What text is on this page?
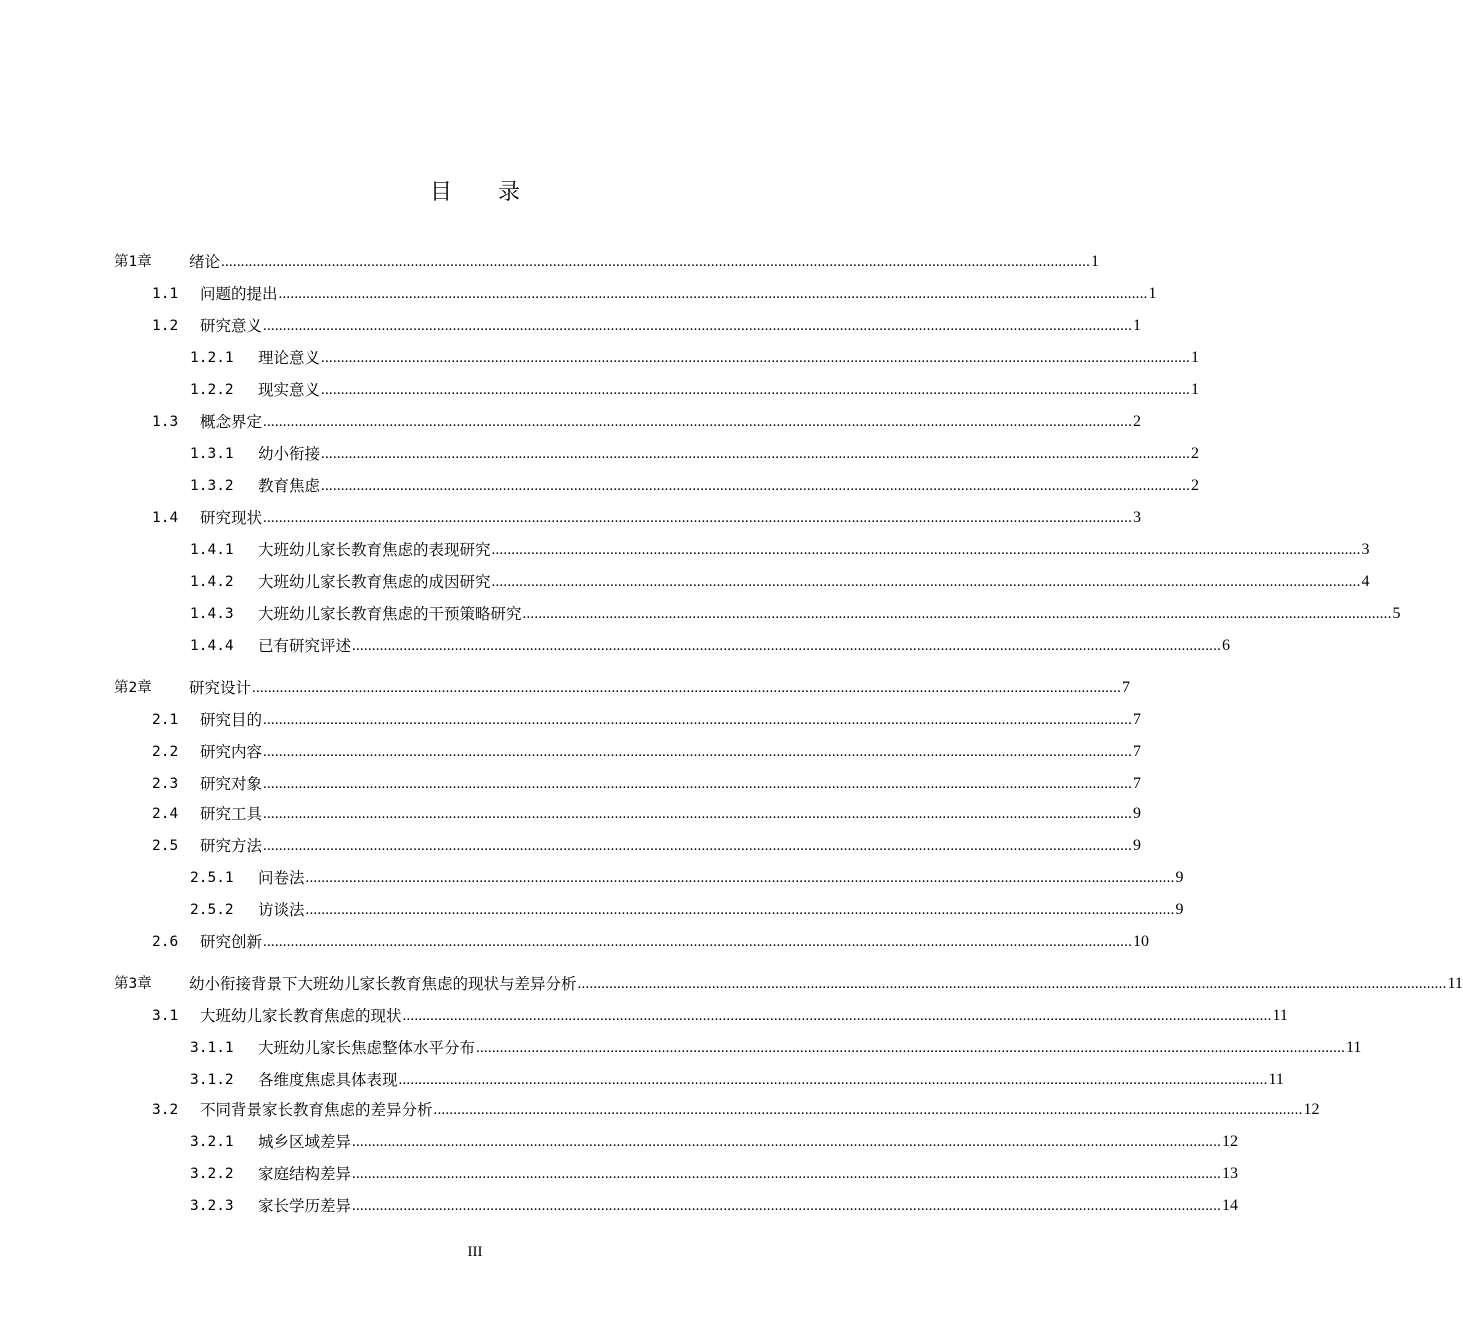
目 录
第1章	绪论 ............................................................................................................................................................................................................................ 1
1.1	问题的提出 ............................................................................................................................................................................................................................ 1
1.2	研究意义 ............................................................................................................................................................................................................................ 1
1.2.1	理论意义 ............................................................................................................................................................................................................................ 1
1.2.2	现实意义 ............................................................................................................................................................................................................................ 1
1.3	概念界定 ............................................................................................................................................................................................................................ 2
1.3.1	幼小衔接 ............................................................................................................................................................................................................................ 2
1.3.2	教育焦虑 ............................................................................................................................................................................................................................ 2
1.4	研究现状 ............................................................................................................................................................................................................................ 3
1.4.1	大班幼儿家长教育焦虑的表现研究 ............................................................................................................................................................................................................................ 3
1.4.2	大班幼儿家长教育焦虑的成因研究 ............................................................................................................................................................................................................................ 4
1.4.3	大班幼儿家长教育焦虑的干预策略研究 ............................................................................................................................................................................................................................ 5
1.4.4	已有研究评述 ............................................................................................................................................................................................................................ 6
第2章	研究设计 ............................................................................................................................................................................................................................ 7
2.1	研究目的 ............................................................................................................................................................................................................................ 7
2.2	研究内容 ............................................................................................................................................................................................................................ 7
2.3	研究对象 ............................................................................................................................................................................................................................ 7
2.4	研究工具 ............................................................................................................................................................................................................................ 9
2.5	研究方法 ............................................................................................................................................................................................................................ 9
2.5.1	问卷法 ............................................................................................................................................................................................................................ 9
2.5.2	访谈法 ............................................................................................................................................................................................................................ 9
2.6	研究创新 ............................................................................................................................................................................................................................ 10
第3章	幼小衔接背景下大班幼儿家长教育焦虑的现状与差异分析 ............................................................................................................................................................................................................................ 11
3.1	大班幼儿家长教育焦虑的现状 ............................................................................................................................................................................................................................ 11
3.1.1	大班幼儿家长焦虑整体水平分布 ............................................................................................................................................................................................................................ 11
3.1.2	各维度焦虑具体表现 ............................................................................................................................................................................................................................ 11
3.2	不同背景家长教育焦虑的差异分析 ............................................................................................................................................................................................................................ 12
3.2.1	城乡区域差异 ............................................................................................................................................................................................................................ 12
3.2.2	家庭结构差异 ............................................................................................................................................................................................................................ 13
3.2.3	家长学历差异 ............................................................................................................................................................................................................................ 14
III
